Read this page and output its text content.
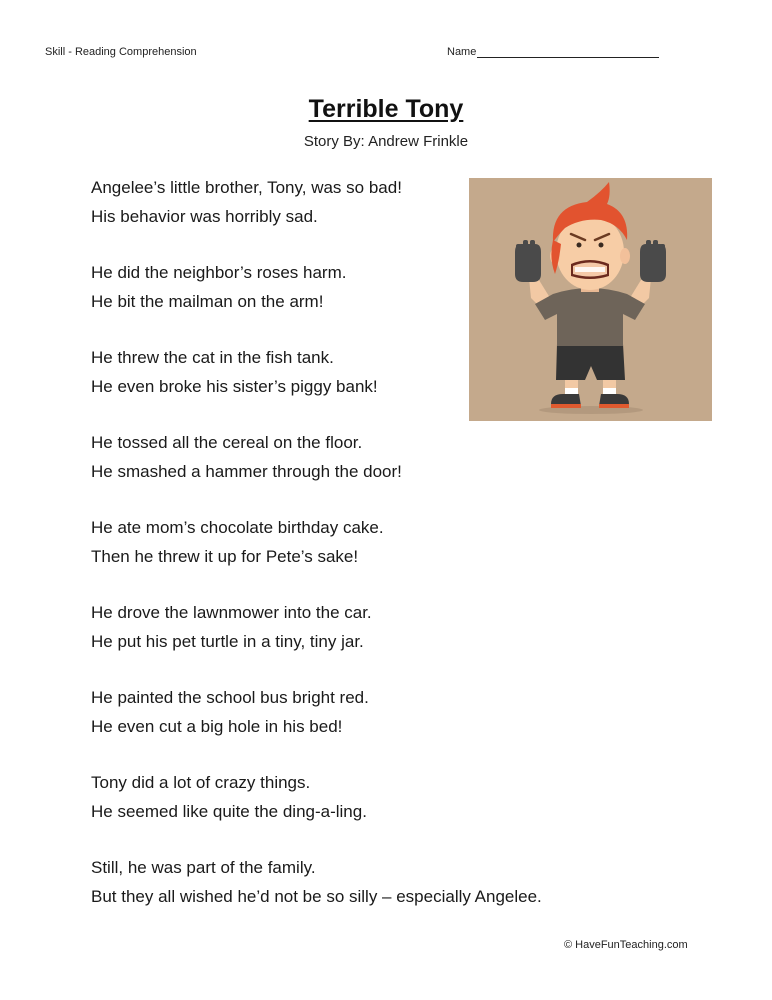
Skill - Reading Comprehension	Name
Terrible Tony
Story By: Andrew Frinkle
Angelee’s little brother, Tony, was so bad!
His behavior was horribly sad.
He did the neighbor’s roses harm.
He bit the mailman on the arm!
He threw the cat in the fish tank.
He even broke his sister’s piggy bank!
He tossed all the cereal on the floor.
He smashed a hammer through the door!
He ate mom’s chocolate birthday cake.
Then he threw it up for Pete’s sake!
He drove the lawnmower into the car.
He put his pet turtle in a tiny, tiny jar.
He painted the school bus bright red.
He even cut a big hole in his bed!
Tony did a lot of crazy things.
He seemed like quite the ding-a-ling.
Still, he was part of the family.
But they all wished he’d not be so silly – especially Angelee.
© HaveFunTeaching.com
